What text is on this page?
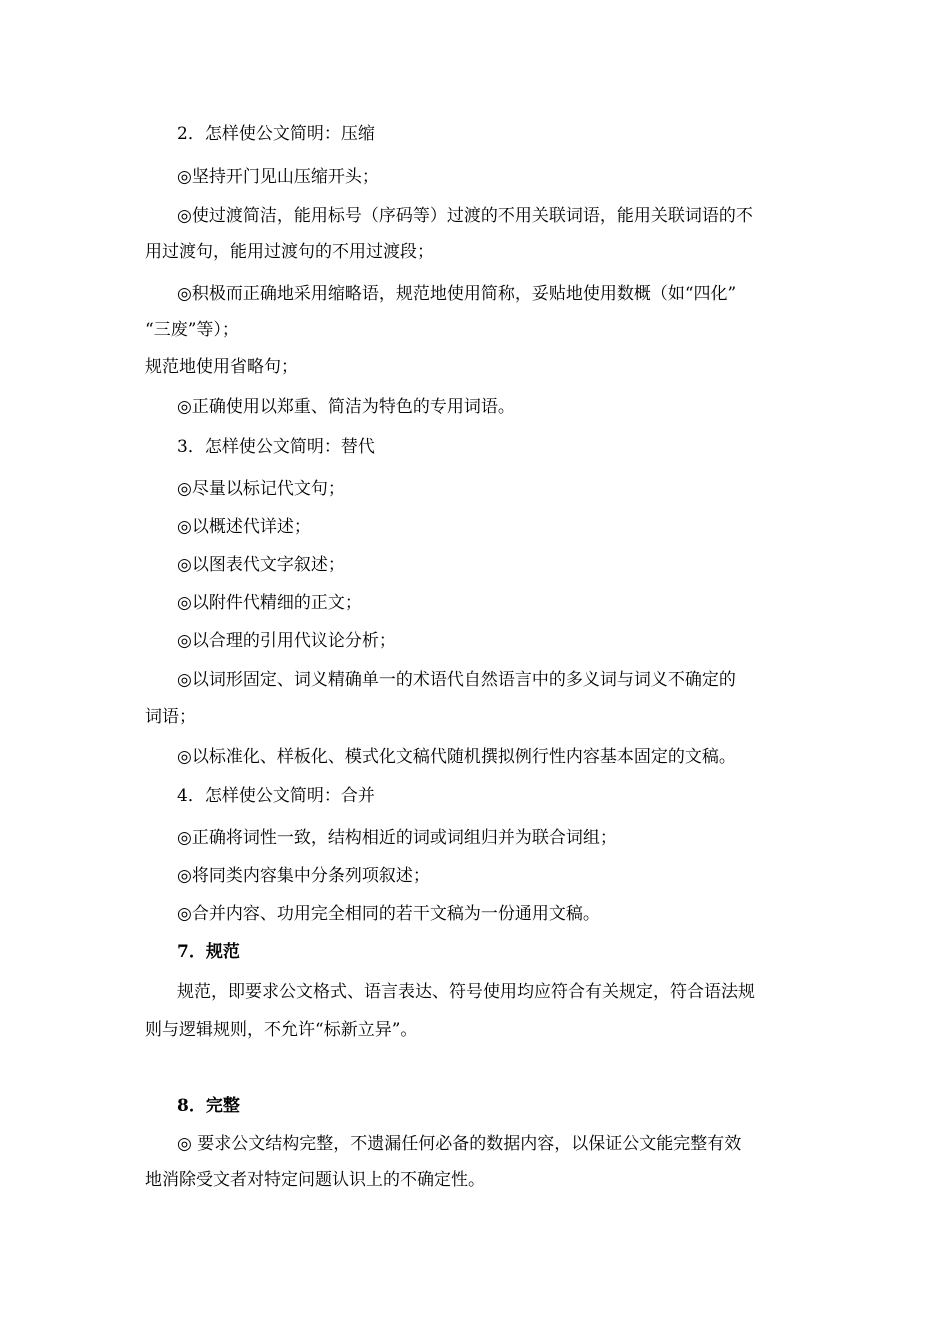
2．怎样使公文简明：压缩
◎坚持开门见山压缩开头；
◎使过渡简洁，能用标号（序码等）过渡的不用关联词语，能用关联词语的不
用过渡句，能用过渡句的不用过渡段；
◎积极而正确地采用缩略语，规范地使用简称，妥贴地使用数概（如“四化”
“三废”等）；
规范地使用省略句；
◎正确使用以郑重、简洁为特色的专用词语。
3．怎样使公文简明：替代
◎尽量以标记代文句；
◎以概述代详述；
◎以图表代文字叙述；
◎以附件代精细的正文；
◎以合理的引用代议论分析；
◎以词形固定、词义精确单一的术语代自然语言中的多义词与词义不确定的
词语；
◎以标准化、样板化、模式化文稿代随机撰拟例行性内容基本固定的文稿。
4．怎样使公文简明：合并
◎正确将词性一致，结构相近的词或词组归并为联合词组；
◎将同类内容集中分条列项叙述；
◎合并内容、功用完全相同的若干文稿为一份通用文稿。
7．规范
规范，即要求公文格式、语言表达、符号使用均应符合有关规定，符合语法规
则与逻辑规则，不允许“标新立异”。
8．完整
◎ 要求公文结构完整，不遗漏任何必备的数据内容，以保证公文能完整有效
地消除受文者对特定问题认识上的不确定性。
